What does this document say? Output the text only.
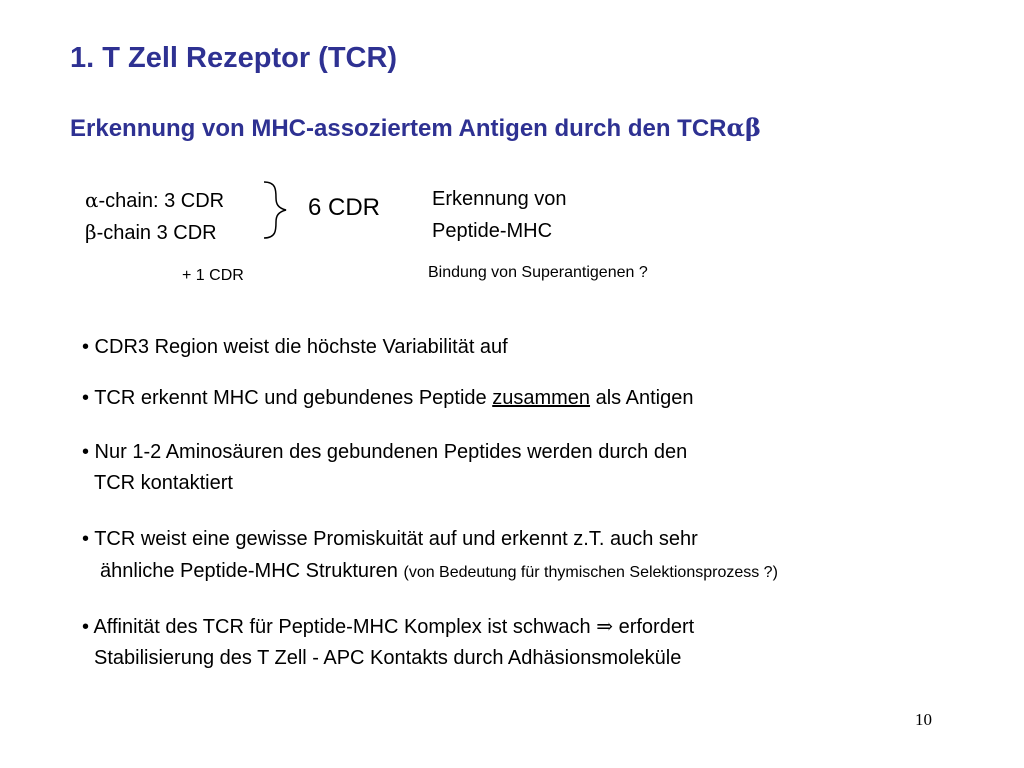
1. T Zell Rezeptor (TCR)
Erkennung von MHC-assoziertem Antigen durch den TCRαβ
α-chain: 3 CDR
β-chain 3 CDR
6 CDR	Erkennung von
Peptide-MHC
+ 1 CDR	Bindung von Superantigenen ?
• CDR3 Region weist die höchste Variabilität auf
• TCR erkennt MHC und gebundenes Peptide zusammen als Antigen
• Nur 1-2 Aminosäuren des gebundenen Peptides werden durch den
TCR kontaktiert
• TCR weist eine gewisse Promiskuität auf und erkennt z.T. auch sehr
ähnliche Peptide-MHC Strukturen (von Bedeutung für thymischen Selektionsprozess ?)
• Affinität des TCR für Peptide-MHC Komplex ist schwach ⇒ erfordert
Stabilisierung des T Zell - APC Kontakts durch Adhäsionsmoleküle
10
